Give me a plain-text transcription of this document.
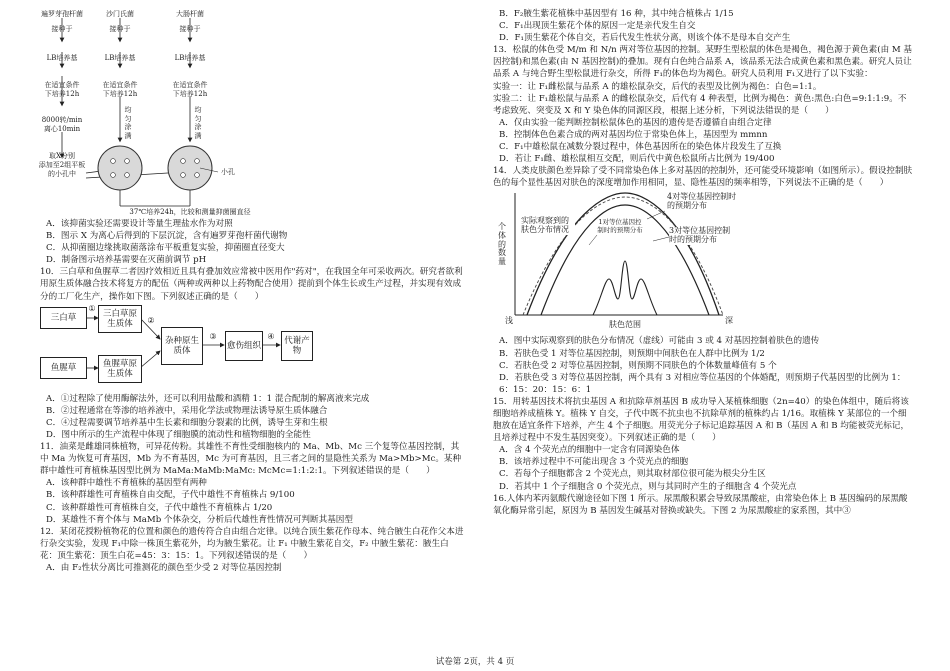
遍罗芽孢杆菌
接种于
LB培养基
在适宜条件
下培养12h
8000转/min
离心10min
取X分别
添加至2组平板
的小孔中
沙门氏菌
接种于
LB培养基
在适宜条件
下培养12h
均匀涂满
大肠杆菌
接种于
LB培养基
在适宜条件
下培养12h
均匀涂满
小孔
37℃培养24h，比较和测量抑菌圈直径

A．该抑菌实验还需要设计等量生理盐水作为对照

B．图示 X 为离心后得到的下层沉淀，含有遍罗芽孢杆菌代谢物

C．从抑菌圈边缘挑取菌落涂布平板重复实验，抑菌圈直径变大

D．制备图示培养基需要在灭菌前调节 pH

10．三白草和鱼腥草二者因疗效相近且具有叠加效应常被中医用作"药对"，在我国全年可采收两次。研究者欲利用原生质体融合技术将复方的配伍（两种或两种以上药物配合使用）提前到个体生长或生产过程，并实现有效成分的工厂化生产，操作如下图。下列叙述正确的是（　　）

三白草	三白草原生质体
鱼腥草	鱼腥草原生质体
杂种原生质体	愈伤组织	代谢产物
①
②
③	④

A．①过程除了使用酶解法外，还可以利用盐酸和酒精 1：1 混合配制的解离液来完成

B．②过程通常在等渗的培养液中，采用化学法或物理法诱导原生质体融合

C．④过程需要调节培养基中生长素和细胞分裂素的比例，诱导生芽和生根

D．图中所示的生产流程中体现了细胞膜的流动性和植物细胞的全能性

11．油菜是雌雄同株植物，可异花传粉。其雄性不育性受细胞核内的 Ma、Mb、Mc 三个复等位基因控制，其中 Ma 为恢复可育基因，Mb 为不育基因，Mc 为可育基因，且三者之间的显隐性关系为 Ma>Mb>Mc。某种群中雄性可育植株基因型比例为 MaMa:MaMb:MaMc: McMc=1:1:2:1。下列叙述错误的是（　　）

A．该种群中雄性不育植株的基因型有两种

B．该种群雄性可育植株自由交配，子代中雄性不育植株占 9/100

C．该种群雄性可育植株自交，子代中雄性不育植株占 1/20

D．某雄性不育个体与 MaMb 个体杂交，分析后代雄性育性情况可判断其基因型

12．某闭花授粉植物花的位置和颜色的遗传符合自由组合定律。以纯合顶生紫花作母本、纯合腋生白花作父本进行杂交实验，发现 F₁中除一株顶生紫花外，均为腋生紫花。让 F₁ 中腋生紫花自交，F₂ 中腋生紫花：腋生白花：顶生紫花：顶生白花=45：3：15：1。下列叙述错误的是（　　）

A．由 F₂性状分离比可推测花的颜色至少受 2 对等位基因控制

B．F₂腋生紫花植株中基因型有 16 种，其中纯合植株占 1/15

C．F₁出现顶生紫花个体的原因一定是亲代发生自交

D．F₁顶生紫花个体自交，若后代发生性状分离，则该个体不是母本自交产生

13．松鼠的体色受 M/m 和 N/n 两对等位基因的控制。某野生型松鼠的体色是褐色，褐色源于黄色素(由 M 基因控制)和黑色素(由 N 基因控制)的叠加。现有白色纯合品系 A，该品系无法合成黄色素和黑色素。研究人员让品系 A 与纯合野生型松鼠进行杂交，所得 F₁的体色均为褐色。研究人员利用 F₁又进行了以下实验：

实验一：让 F₁雌松鼠与品系 A 的雄松鼠杂交，后代的表型及比例为褐色：白色=1:1。

实验二：让 F₁雄松鼠与品系 A 的雌松鼠杂交，后代有 4 种表型，比例为褐色：黄色:黑色:白色=9:1:1:9。不考虑致死、突变及 X 和 Y 染色体的同源区段，根据上述分析，下列说法错误的是（　　）

A．仅由实验一能判断控制松鼠体色的基因的遗传是否遵循自由组合定律

B．控制体色色素合成的两对基因均位于常染色体上，基因型为 mmnn

C．F₁中雄松鼠在减数分裂过程中，体色基因所在的染色体片段发生了互换

D．若让 F₁雌、雄松鼠相互交配，则后代中黄色松鼠所占比例为 19/400

14．人类皮肤颜色差异除了受不同常染色体上多对基因的控制外，还可能受环境影响（如图所示）。假设控制肤色的每个显性基因对肤色的深度增加作用相同，显、隐性基因的频率相等，下列说法不正确的是（　　）

个体的数量
实际观察到的肤色分布情况
4对等位基因控制时的预期分布
3对等位基因控制时的预期分布
1对等位基因控制时的预期分布
浅	肤色范围	深

A．图中实际观察到的肤色分布情况（虚线）可能由 3 或 4 对基因控制着肤色的遗传

B．若肤色受 1 对等位基因控制，则预期中间肤色在人群中比例为 1/2

C．若肤色受 2 对等位基因控制，则预期不同肤色的个体数量峰值有 5 个

D．若肤色受 3 对等位基因控制，两个具有 3 对相应等位基因的个体婚配，则预期子代基因型的比例为 1：6：15：20：15：6：1

15．用转基因技术将抗虫基因 A 和抗除草剂基因 B 成功导入某植株细胞（2n=40）的染色体组中，随后将该细胞培养成植株 Y。植株 Y 自交，子代中既不抗虫也不抗除草剂的植株约占 1/16。取植株 Y 某部位的一个细胞放在适宜条件下培养，产生 4 个子细胞。用荧光分子标记追踪基因 A 和 B（基因 A 和 B 均能被荧光标记，且培养过程中不发生基因突变）。下列叙述正确的是（　　）

A．含 4 个荧光点的细胞中一定含有同源染色体

B．该培养过程中不可能出现含 3 个荧光点的细胞

C．若每个子细胞都含 2 个荧光点，则其取材部位很可能为根尖分生区

D．若其中 1 个子细胞含 0 个荧光点，则与其同时产生的子细胞含 4 个荧光点

16.人体内苯丙氨酸代谢途径如下图 1 所示。尿黑酸积累会导致尿黑酸症，由常染色体上 B 基因编码的尿黑酸氧化酶异常引起，原因为 B 基因发生碱基对替换或缺失。下图 2 为尿黑酸症的家系图，其中③

试卷第 2页，共 4 页
